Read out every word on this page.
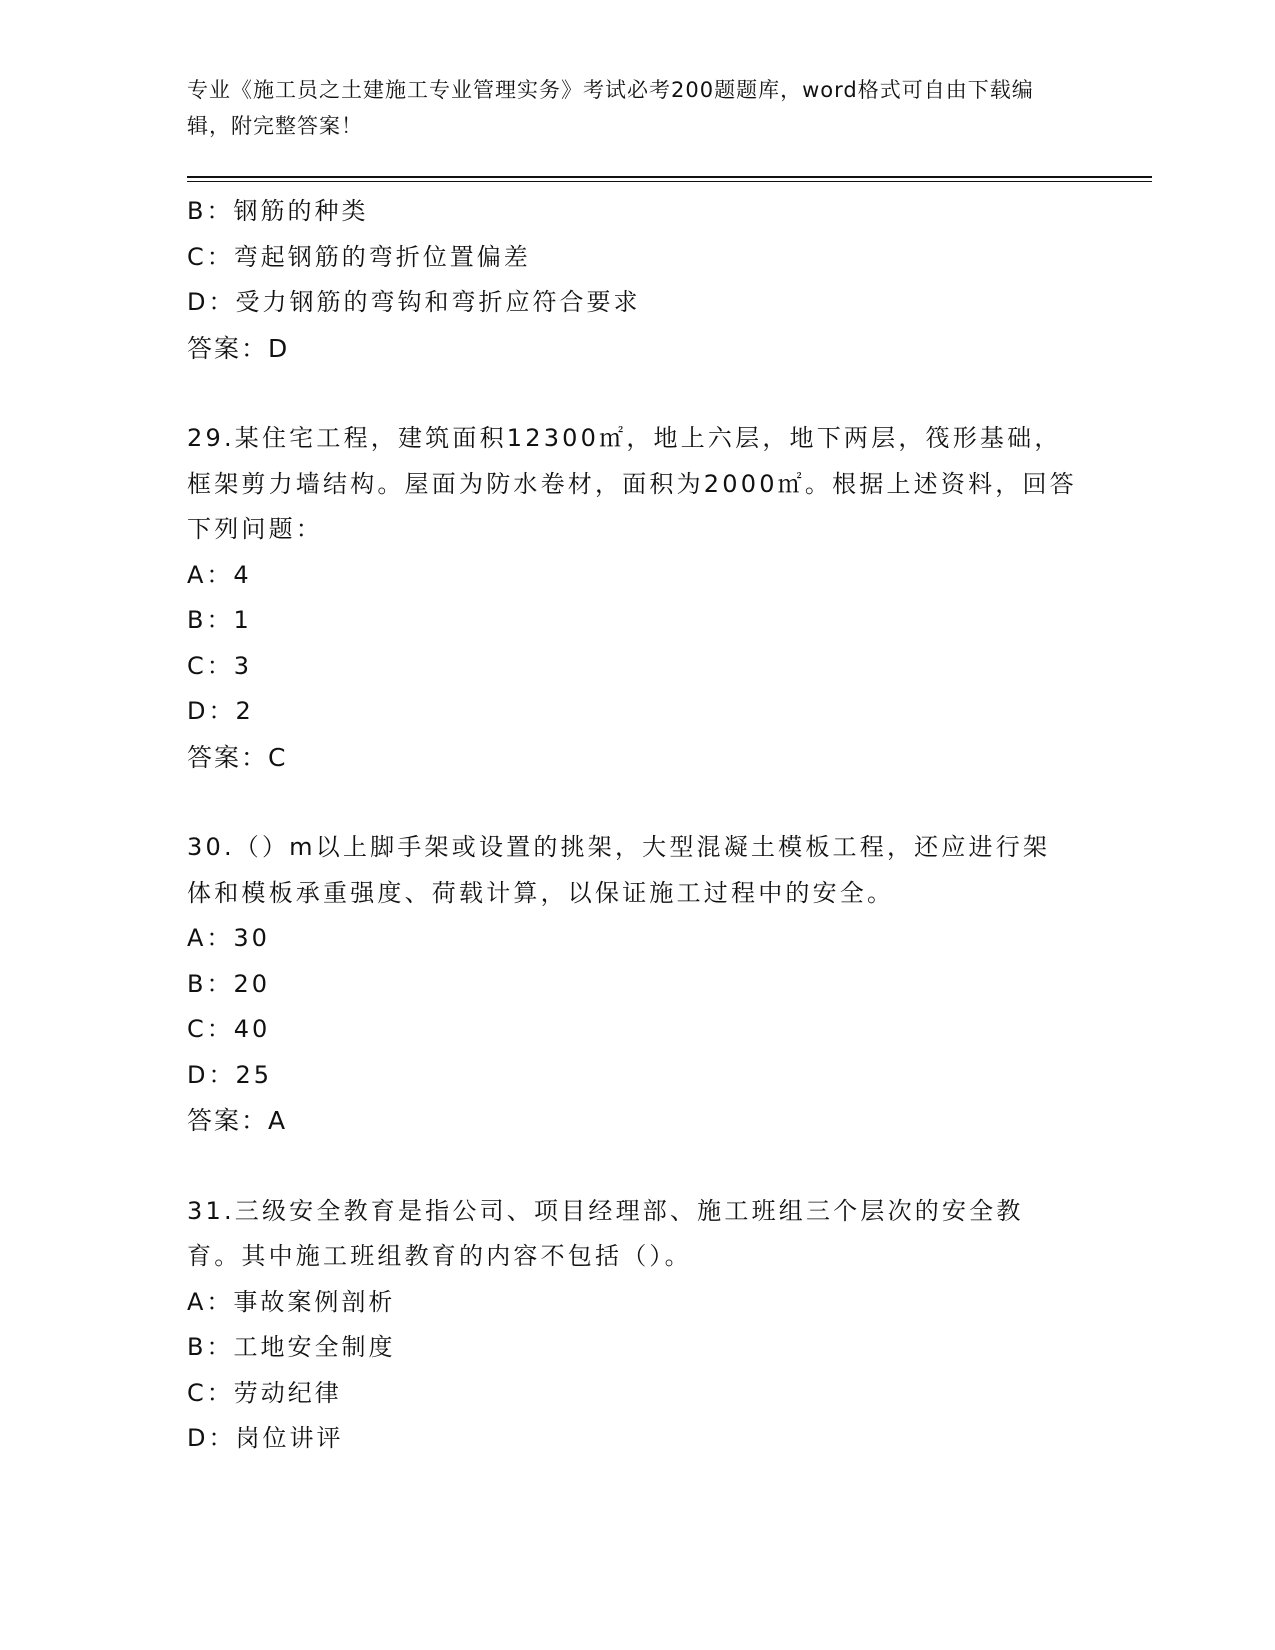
专业《施工员之土建施工专业管理实务》考试必考200题题库，word格式可自由下载编辑，附完整答案！
B：钢筋的种类
C：弯起钢筋的弯折位置偏差
D：受力钢筋的弯钩和弯折应符合要求
答案：D
29.某住宅工程，建筑面积12300㎡，地上六层，地下两层，筏形基础，框架剪力墙结构。屋面为防水卷材，面积为2000㎡。根据上述资料，回答下列问题：
A：4
B：1
C：3
D：2
答案：C
30.（）m以上脚手架或设置的挑架，大型混凝土模板工程，还应进行架体和模板承重强度、荷载计算，以保证施工过程中的安全。
A：30
B：20
C：40
D：25
答案：A
31.三级安全教育是指公司、项目经理部、施工班组三个层次的安全教育。其中施工班组教育的内容不包括（）。
A：事故案例剖析
B：工地安全制度
C：劳动纪律
D：岗位讲评
